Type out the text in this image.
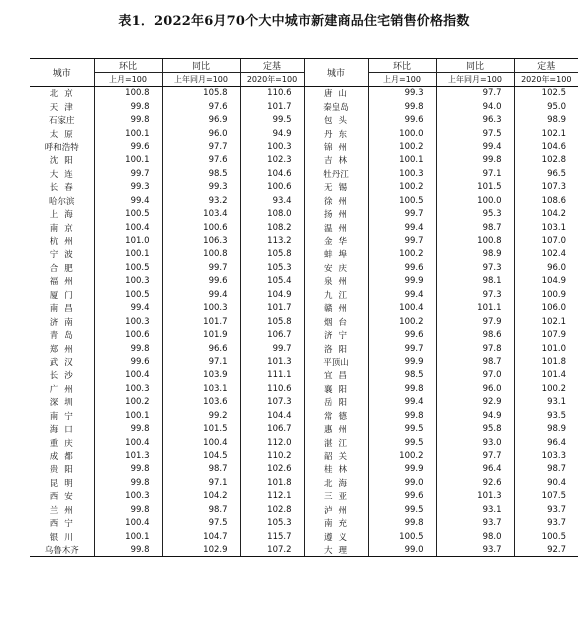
表1．2022年6月70个大中城市新建商品住宅销售价格指数
城市	环比	同比	定基	城市	环比	同比	定基
	上月=100	上年同月=100	2020年=100		上月=100	上年同月=100	2020年=100
北京	100.8	105.8	110.6	唐山	99.3	97.7	102.5
天津	99.8	97.6	101.7	秦皇岛	99.8	94.0	95.0
石家庄	99.8	96.9	99.5	包头	99.6	96.3	98.9
太原	100.1	96.0	94.9	丹东	100.0	97.5	102.1
呼和浩特	99.6	97.7	100.3	锦州	100.2	99.4	104.6
沈阳	100.1	97.6	102.3	吉林	100.1	99.8	102.8
大连	99.7	98.5	104.6	牡丹江	100.3	97.1	96.5
长春	99.3	99.3	100.6	无锡	100.2	101.5	107.3
哈尔滨	99.4	93.2	93.4	徐州	100.5	100.0	108.6
上海	100.5	103.4	108.0	扬州	99.7	95.3	104.2
南京	100.4	100.6	108.2	温州	99.4	98.7	103.1
杭州	101.0	106.3	113.2	金华	99.7	100.8	107.0
宁波	100.1	100.8	105.8	蚌埠	100.2	98.9	102.4
合肥	100.5	99.7	105.3	安庆	99.6	97.3	96.0
福州	100.3	99.6	105.4	泉州	99.9	98.1	104.9
厦门	100.5	99.4	104.9	九江	99.4	97.3	100.9
南昌	99.4	100.3	101.7	赣州	100.4	101.1	106.0
济南	100.3	101.7	105.8	烟台	100.2	97.9	102.1
青岛	100.6	101.9	106.7	济宁	99.6	98.6	107.9
郑州	99.8	96.6	99.7	洛阳	99.7	97.8	101.0
武汉	99.6	97.1	101.3	平顶山	99.9	98.7	101.8
长沙	100.4	103.9	111.1	宜昌	98.5	97.0	101.4
广州	100.3	103.1	110.6	襄阳	99.8	96.0	100.2
深圳	100.2	103.6	107.3	岳阳	99.4	92.9	93.1
南宁	100.1	99.2	104.4	常德	99.8	94.9	93.5
海口	99.8	101.5	106.7	惠州	99.5	95.8	98.9
重庆	100.4	100.4	112.0	湛江	99.5	93.0	96.4
成都	101.3	104.5	110.2	韶关	100.2	97.7	103.3
贵阳	99.8	98.7	102.6	桂林	99.9	96.4	98.7
昆明	99.8	97.1	101.8	北海	99.0	92.6	90.4
西安	100.3	104.2	112.1	三亚	99.6	101.3	107.5
兰州	99.8	98.7	102.8	泸州	99.5	93.1	93.7
西宁	100.4	97.5	105.3	南充	99.8	93.7	93.7
银川	100.1	104.7	115.7	遵义	100.5	98.0	100.5
乌鲁木齐	99.8	102.9	107.2	大理	99.0	93.7	92.7
